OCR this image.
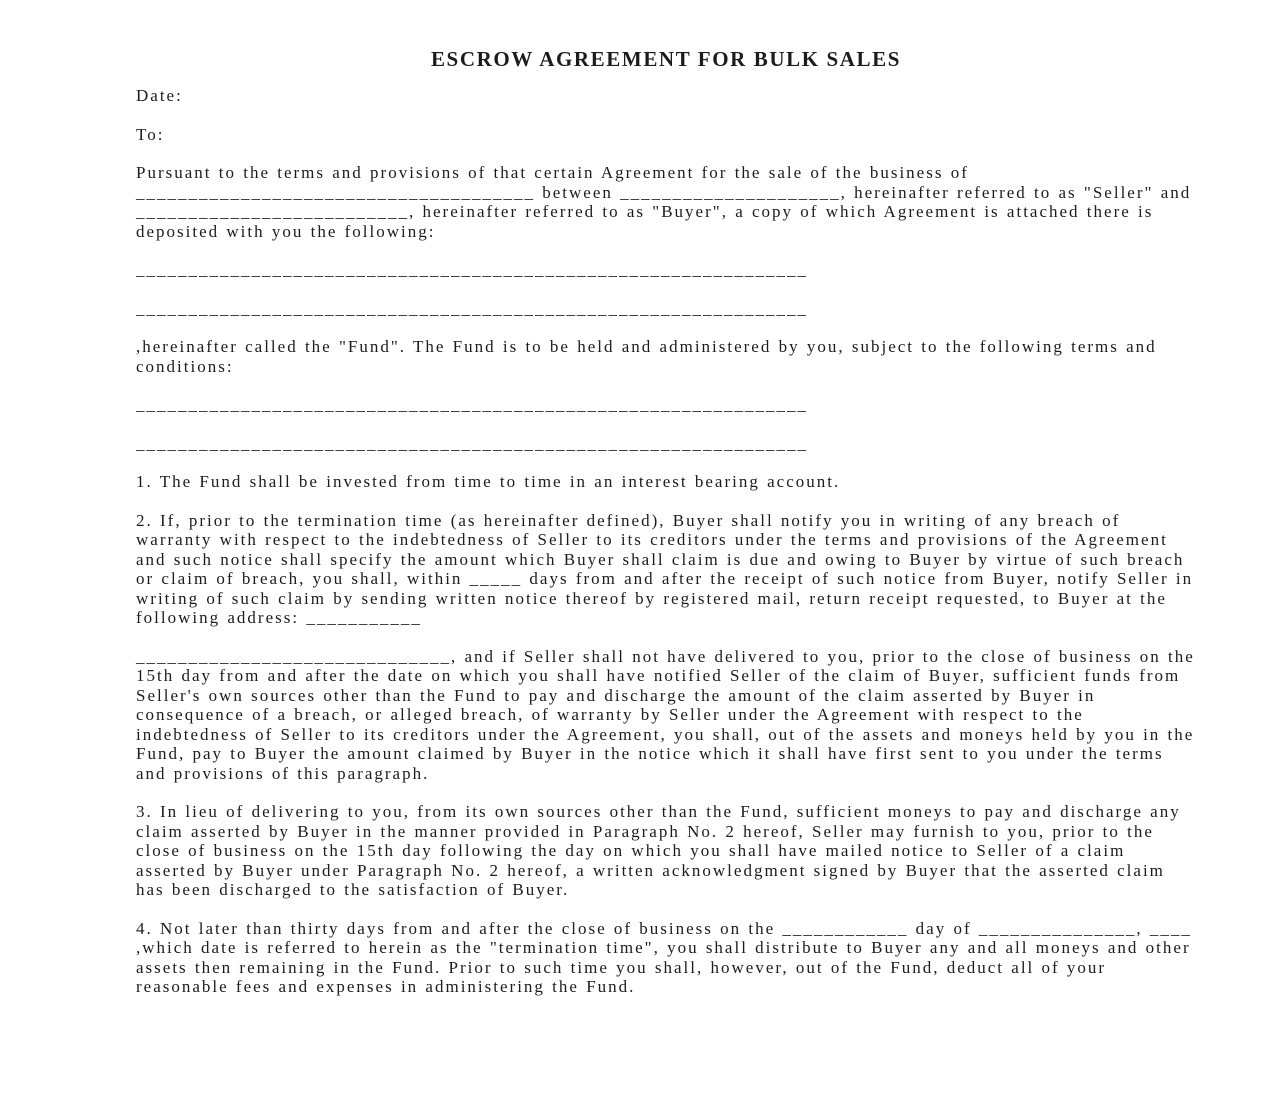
ESCROW AGREEMENT FOR BULK SALES

Date:

To:

Pursuant to the terms and provisions of that certain Agreement for the sale of the business of ______________________________________ between _____________________, hereinafter referred to as "Seller" and __________________________, hereinafter referred to as "Buyer", a copy of which Agreement is attached there is deposited with you the following:

________________________________________________________________

________________________________________________________________

,hereinafter called the "Fund". The Fund is to be held and administered by you, subject to the following terms and conditions:

________________________________________________________________

________________________________________________________________

1. The Fund shall be invested from time to time in an interest bearing account.

2. If, prior to the termination time (as hereinafter defined), Buyer shall notify you in writing of any breach of warranty with respect to the indebtedness of Seller to its creditors under the terms and provisions of the Agreement and such notice shall specify the amount which Buyer shall claim is due and owing to Buyer by virtue of such breach or claim of breach, you shall, within _____ days from and after the receipt of such notice from Buyer, notify Seller in writing of such claim by sending written notice thereof by registered mail, return receipt requested, to Buyer at the following address: ___________

______________________________, and if Seller shall not have delivered to you, prior to the close of business on the 15th day from and after the date on which you shall have notified Seller of the claim of Buyer, sufficient funds from Seller's own sources other than the Fund to pay and discharge the amount of the claim asserted by Buyer in consequence of a breach, or alleged breach, of warranty by Seller under the Agreement with respect to the indebtedness of Seller to its creditors under the Agreement, you shall, out of the assets and moneys held by you in the Fund, pay to Buyer the amount claimed by Buyer in the notice which it shall have first sent to you under the terms and provisions of this paragraph.

3. In lieu of delivering to you, from its own sources other than the Fund, sufficient moneys to pay and discharge any claim asserted by Buyer in the manner provided in Paragraph No. 2 hereof, Seller may furnish to you, prior to the close of business on the 15th day following the day on which you shall have mailed notice to Seller of a claim asserted by Buyer under Paragraph No. 2 hereof, a written acknowledgment signed by Buyer that the asserted claim has been discharged to the satisfaction of Buyer.

4. Not later than thirty days from and after the close of business on the ____________ day of _______________, ____ ,which date is referred to herein as the "termination time", you shall distribute to Buyer any and all moneys and other assets then remaining in the Fund. Prior to such time you shall, however, out of the Fund, deduct all of your reasonable fees and expenses in administering the Fund.
